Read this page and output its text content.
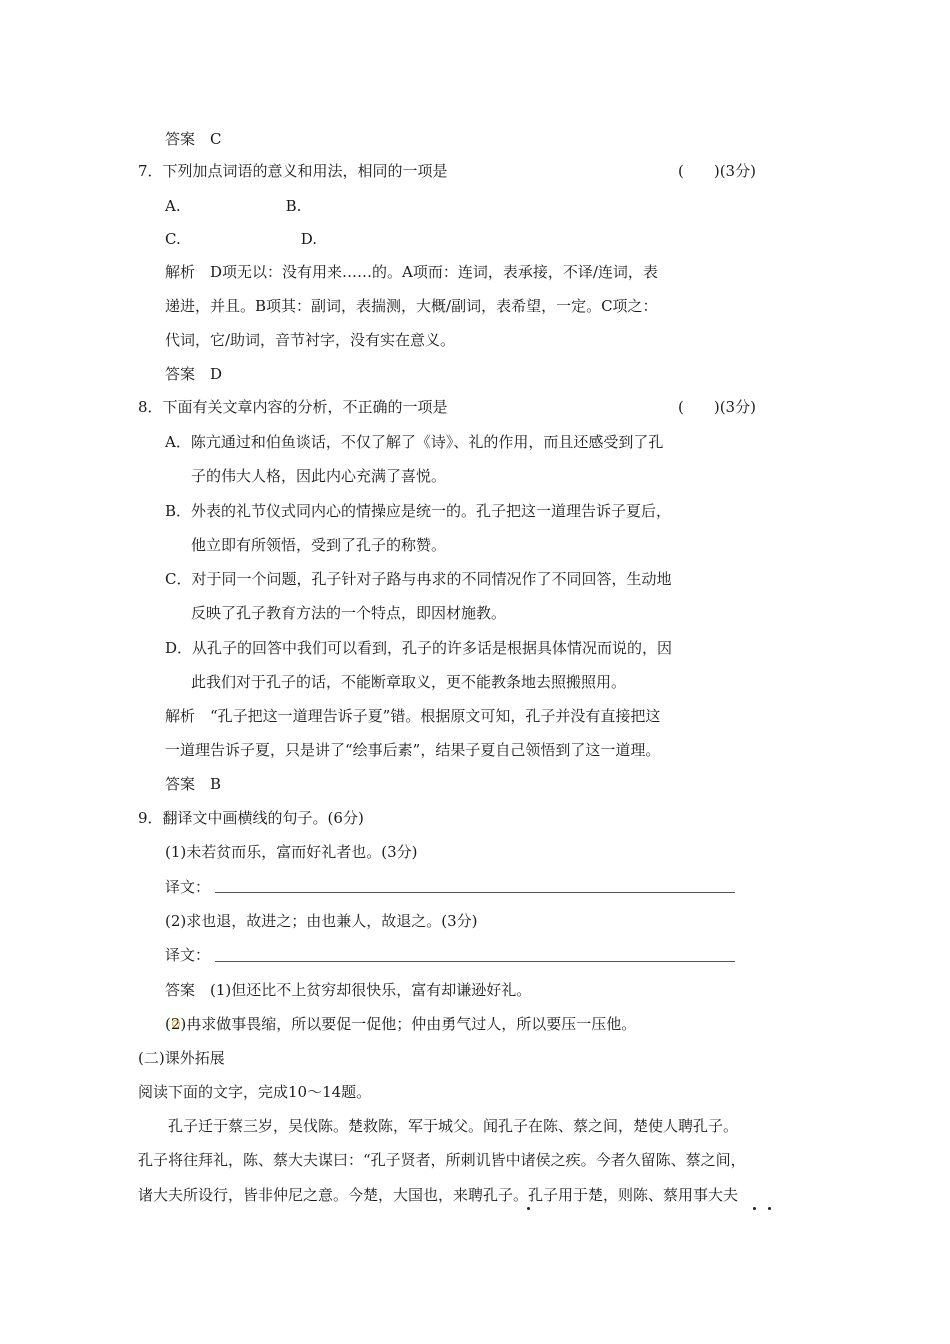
答案　C
7．下列加点词语的意义和用法，相同的一项是	(　　)(3分)
A.　　　　　　　B.
C.　　　　　　　　D.
解析　D项无以：没有用来……的。A项而：连词，表承接，不译/连词，表
递进，并且。B项其：副词，表揣测，大概/副词，表希望，一定。C项之：
代词，它/助词，音节衬字，没有实在意义。
答案　D
8．下面有关文章内容的分析，不正确的一项是	(　　)(3分)
A．陈亢通过和伯鱼谈话，不仅了解了《诗》、礼的作用，而且还感受到了孔
子的伟大人格，因此内心充满了喜悦。
B．外表的礼节仪式同内心的情操应是统一的。孔子把这一道理告诉子夏后，
他立即有所领悟，受到了孔子的称赞。
C．对于同一个问题，孔子针对子路与冉求的不同情况作了不同回答，生动地
反映了孔子教育方法的一个特点，即因材施教。
D．从孔子的回答中我们可以看到，孔子的许多话是根据具体情况而说的，因
此我们对于孔子的话，不能断章取义，更不能教条地去照搬照用。
解析　“孔子把这一道理告诉子夏”错。根据原文可知，孔子并没有直接把这
一道理告诉子夏，只是讲了“绘事后素”，结果子夏自己领悟到了这一道理。
答案　B
9．翻译文中画横线的句子。(6分)
(1)未若贫而乐，富而好礼者也。(3分)
译文：
(2)求也退，故进之；由也兼人，故退之。(3分)
译文：
答案　(1)但还比不上贫穷却很快乐，富有却谦逊好礼。
(2)冉求做事畏缩，所以要促一促他；仲由勇气过人，所以要压一压他。
(二)课外拓展
阅读下面的文字，完成10～14题。
　　孔子迁于蔡三岁，吴伐陈。楚救陈，军于城父。闻孔子在陈、蔡之间，楚使人聘孔子。
孔子将往拜礼，陈、蔡大夫谋曰：“孔子贤者，所刺讥皆中诸侯之疾。今者久留陈、蔡之间，
诸大夫所设行，皆非仲尼之意。今楚，大国也，来聘孔子。孔子用于楚，则陈、蔡用事大夫
